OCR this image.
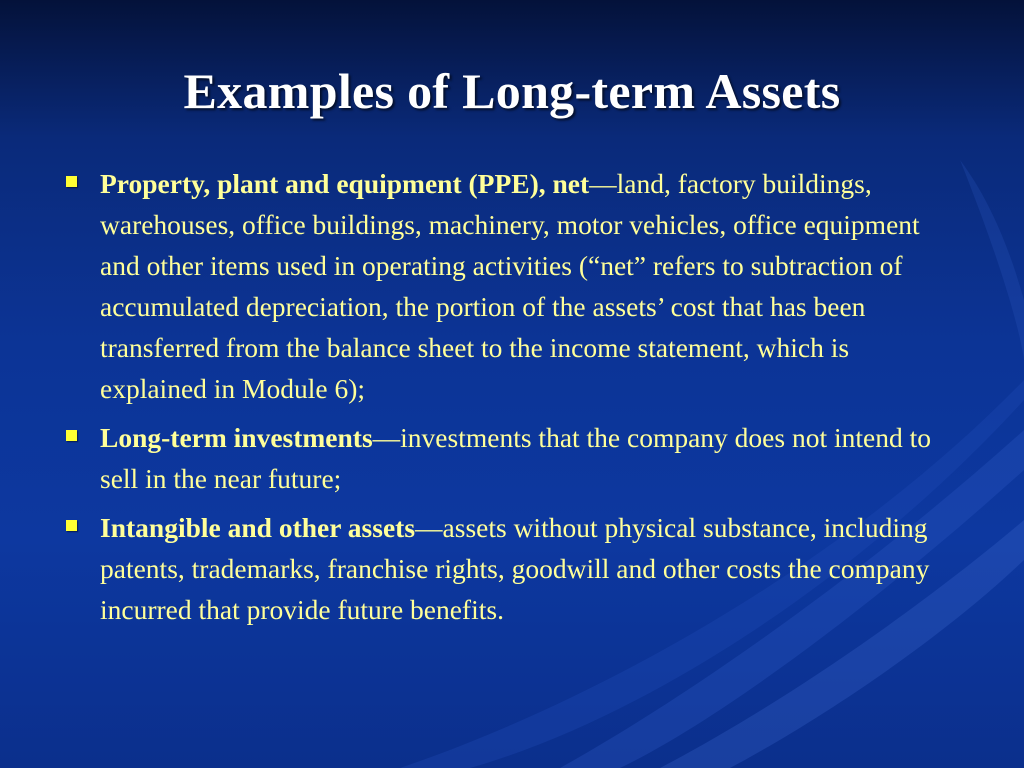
Examples of Long-term Assets
Property, plant and equipment (PPE), net—land, factory buildings, warehouses, office buildings, machinery, motor vehicles, office equipment and other items used in operating activities (“net” refers to subtraction of accumulated depreciation, the portion of the assets’ cost that has been transferred from the balance sheet to the income statement, which is explained in Module 6);
Long-term investments—investments that the company does not intend to sell in the near future;
Intangible and other assets—assets without physical substance, including patents, trademarks, franchise rights, goodwill and other costs the company incurred that provide future benefits.
